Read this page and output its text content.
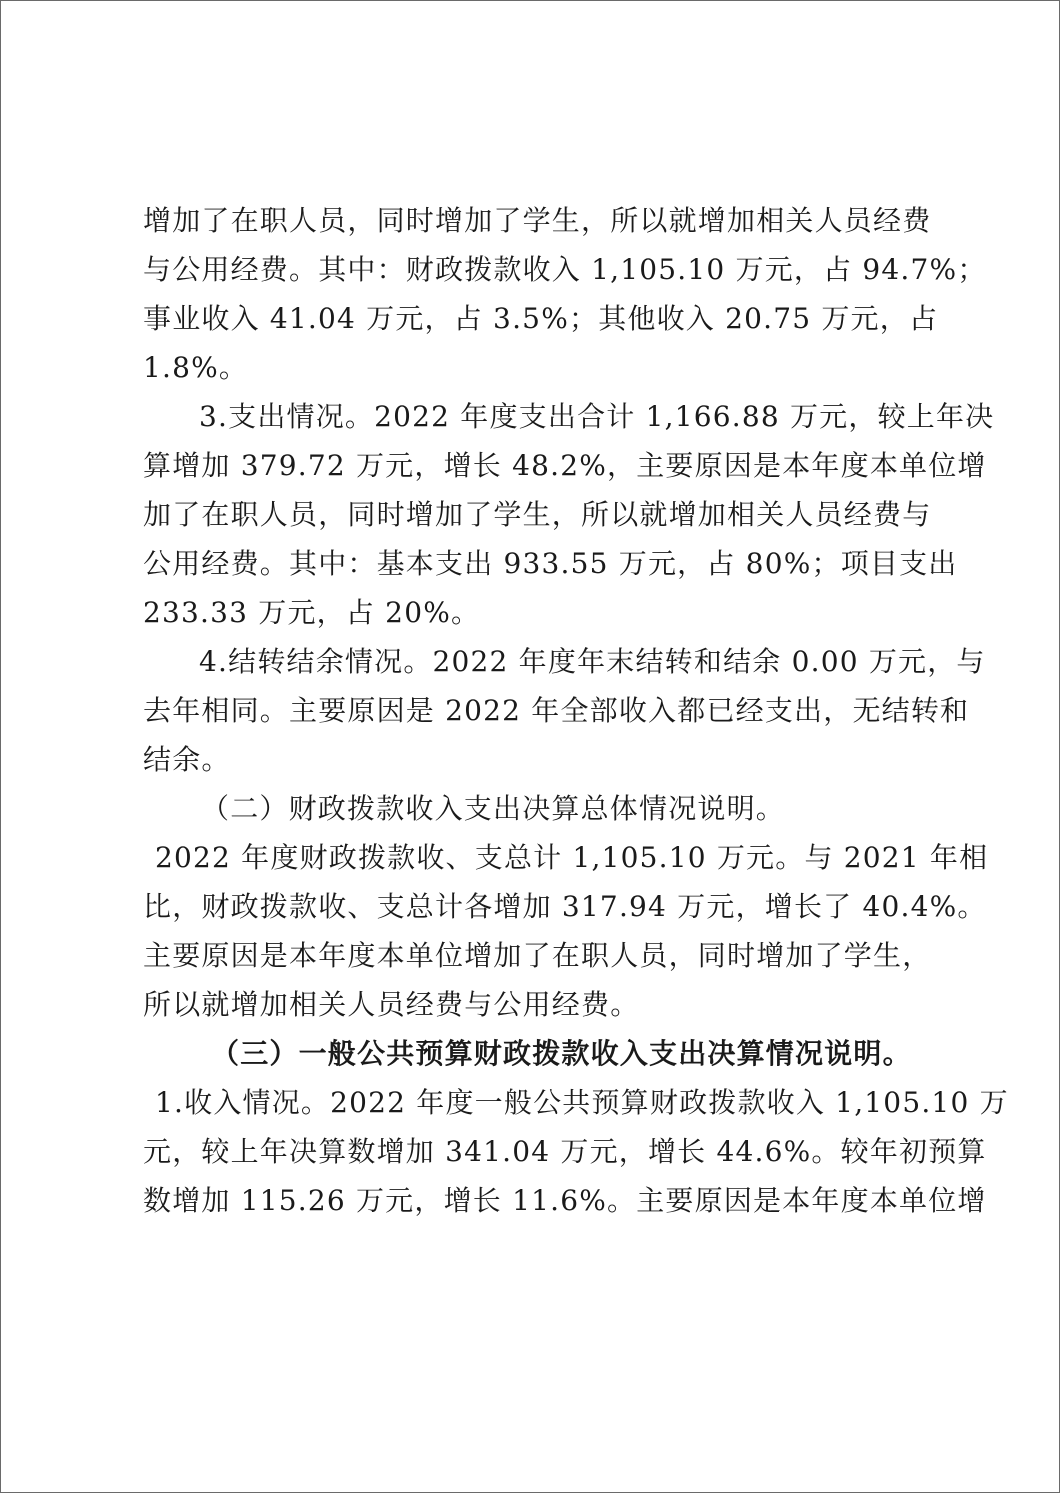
增加了在职人员，同时增加了学生，所以就增加相关人员经费
与公用经费。其中：财政拨款收入 1,105.10 万元，占 94.7%；
事业收入 41.04 万元，占 3.5%；其他收入 20.75 万元，占
1.8%。
3.支出情况。2022 年度支出合计 1,166.88 万元，较上年决
算增加 379.72 万元，增长 48.2%，主要原因是本年度本单位增
加了在职人员，同时增加了学生，所以就增加相关人员经费与
公用经费。其中：基本支出 933.55 万元，占 80%；项目支出
233.33 万元，占 20%。
4.结转结余情况。2022 年度年末结转和结余 0.00 万元，与
去年相同。主要原因是 2022 年全部收入都已经支出，无结转和
结余。
（二）财政拨款收入支出决算总体情况说明。
2022 年度财政拨款收、支总计 1,105.10 万元。与 2021 年相
比，财政拨款收、支总计各增加 317.94 万元，增长了 40.4%。
主要原因是本年度本单位增加了在职人员，同时增加了学生，
所以就增加相关人员经费与公用经费。
（三）一般公共预算财政拨款收入支出决算情况说明。
1.收入情况。2022 年度一般公共预算财政拨款收入 1,105.10 万
元，较上年决算数增加 341.04 万元，增长 44.6%。较年初预算
数增加 115.26 万元，增长 11.6%。主要原因是本年度本单位增
